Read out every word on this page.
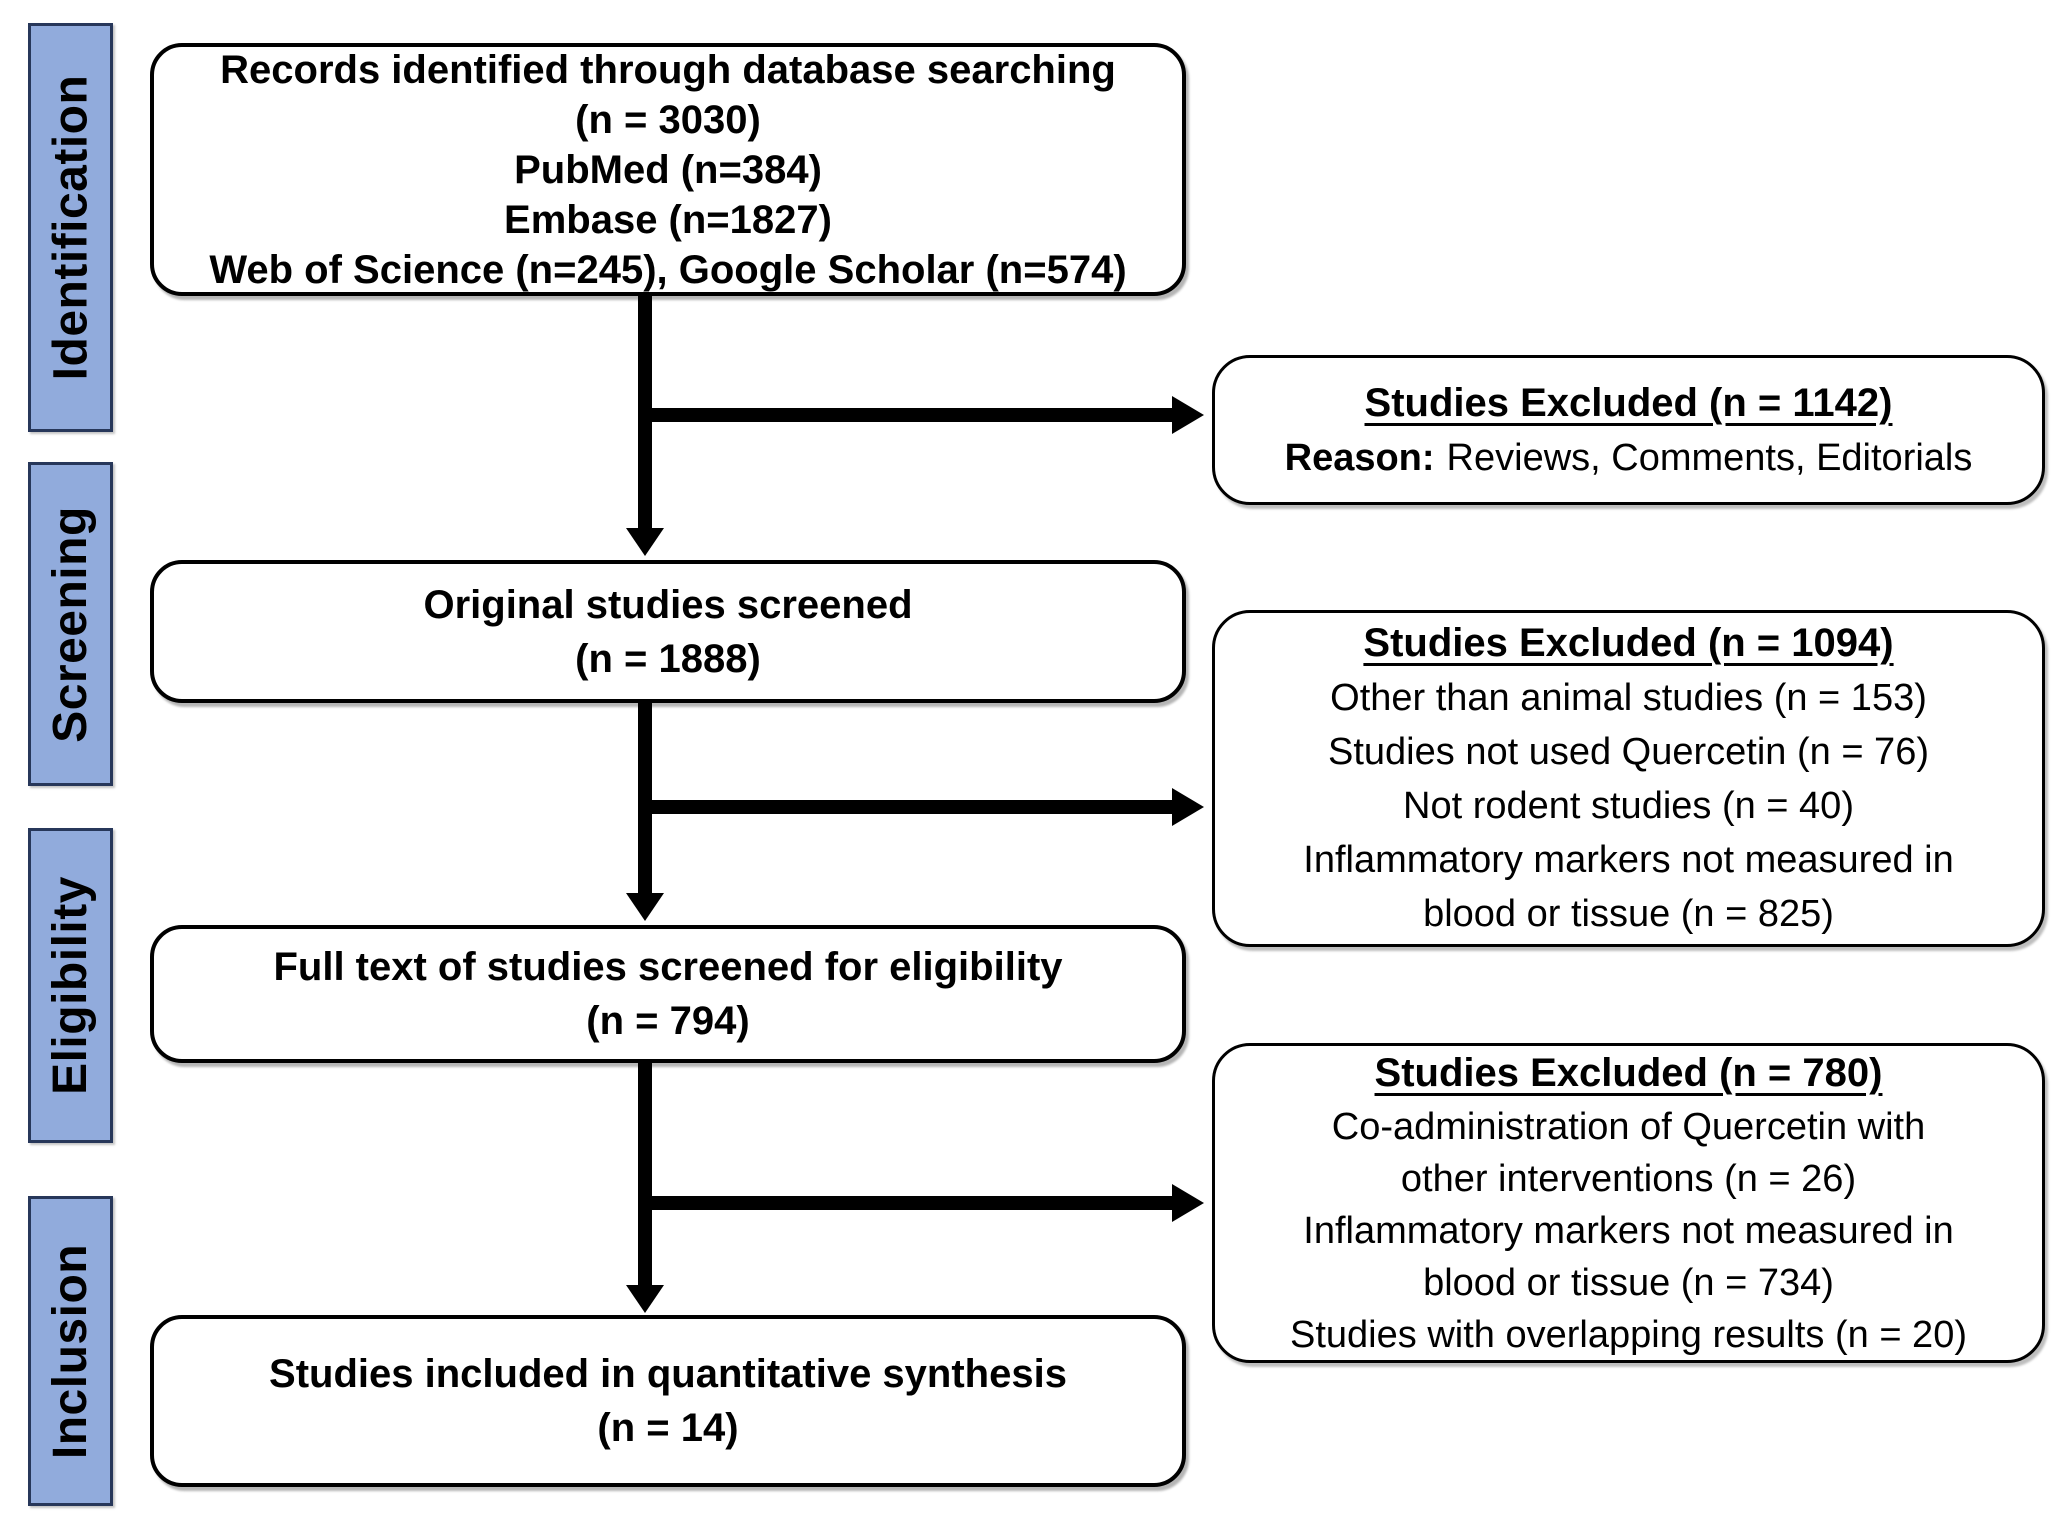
Identification
Screening
Eligibility
Inclusion
Records identified through database searching
(n = 3030)
PubMed (n=384)
Embase (n=1827)
Web of Science (n=245), Google Scholar (n=574)
Original studies screened
(n = 1888)
Full text of studies screened for eligibility
(n = 794)
Studies included in quantitative synthesis
(n = 14)
Studies Excluded (n = 1142)
Reason: Reviews, Comments, Editorials
Studies Excluded (n = 1094)
Other than animal studies (n = 153)
Studies not used Quercetin (n = 76)
Not rodent studies (n = 40)
Inflammatory markers not measured in
blood or tissue (n = 825)
Studies Excluded (n = 780)
Co-administration of Quercetin with
other interventions (n = 26)
Inflammatory markers not measured in
blood or tissue (n = 734)
Studies with overlapping results (n = 20)
